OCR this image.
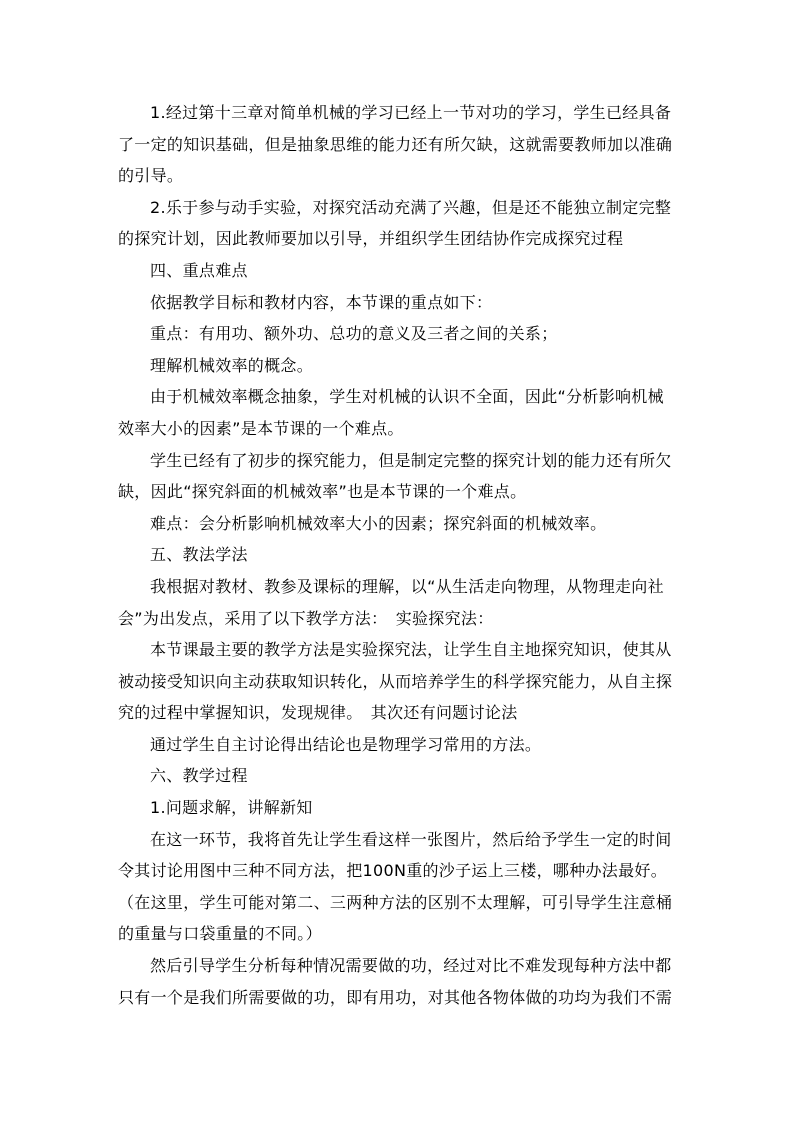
1.经过第十三章对简单机械的学习已经上一节对功的学习，学生已经具备了一定的知识基础，但是抽象思维的能力还有所欠缺，这就需要教师加以准确的引导。

2.乐于参与动手实验，对探究活动充满了兴趣，但是还不能独立制定完整的探究计划，因此教师要加以引导，并组织学生团结协作完成探究过程

四、重点难点

依据教学目标和教材内容，本节课的重点如下：

重点：有用功、额外功、总功的意义及三者之间的关系；

理解机械效率的概念。

由于机械效率概念抽象，学生对机械的认识不全面，因此“分析影响机械效率大小的因素”是本节课的一个难点。

学生已经有了初步的探究能力，但是制定完整的探究计划的能力还有所欠缺，因此“探究斜面的机械效率”也是本节课的一个难点。

难点：会分析影响机械效率大小的因素；探究斜面的机械效率。

五、教法学法

我根据对教材、教参及课标的理解，以“从生活走向物理，从物理走向社会”为出发点，采用了以下教学方法：　实验探究法：

本节课最主要的教学方法是实验探究法，让学生自主地探究知识，使其从被动接受知识向主动获取知识转化，从而培养学生的科学探究能力，从自主探究的过程中掌握知识，发现规律。　其次还有问题讨论法

通过学生自主讨论得出结论也是物理学习常用的方法。

六、教学过程

1.问题求解，讲解新知

在这一环节，我将首先让学生看这样一张图片，然后给予学生一定的时间令其讨论用图中三种不同方法，把100N重的沙子运上三楼，哪种办法最好。（在这里，学生可能对第二、三两种方法的区别不太理解，可引导学生注意桶的重量与口袋重量的不同。）

然后引导学生分析每种情况需要做的功，经过对比不难发现每种方法中都只有一个是我们所需要做的功，即有用功，对其他各物体做的功均为我们不需
